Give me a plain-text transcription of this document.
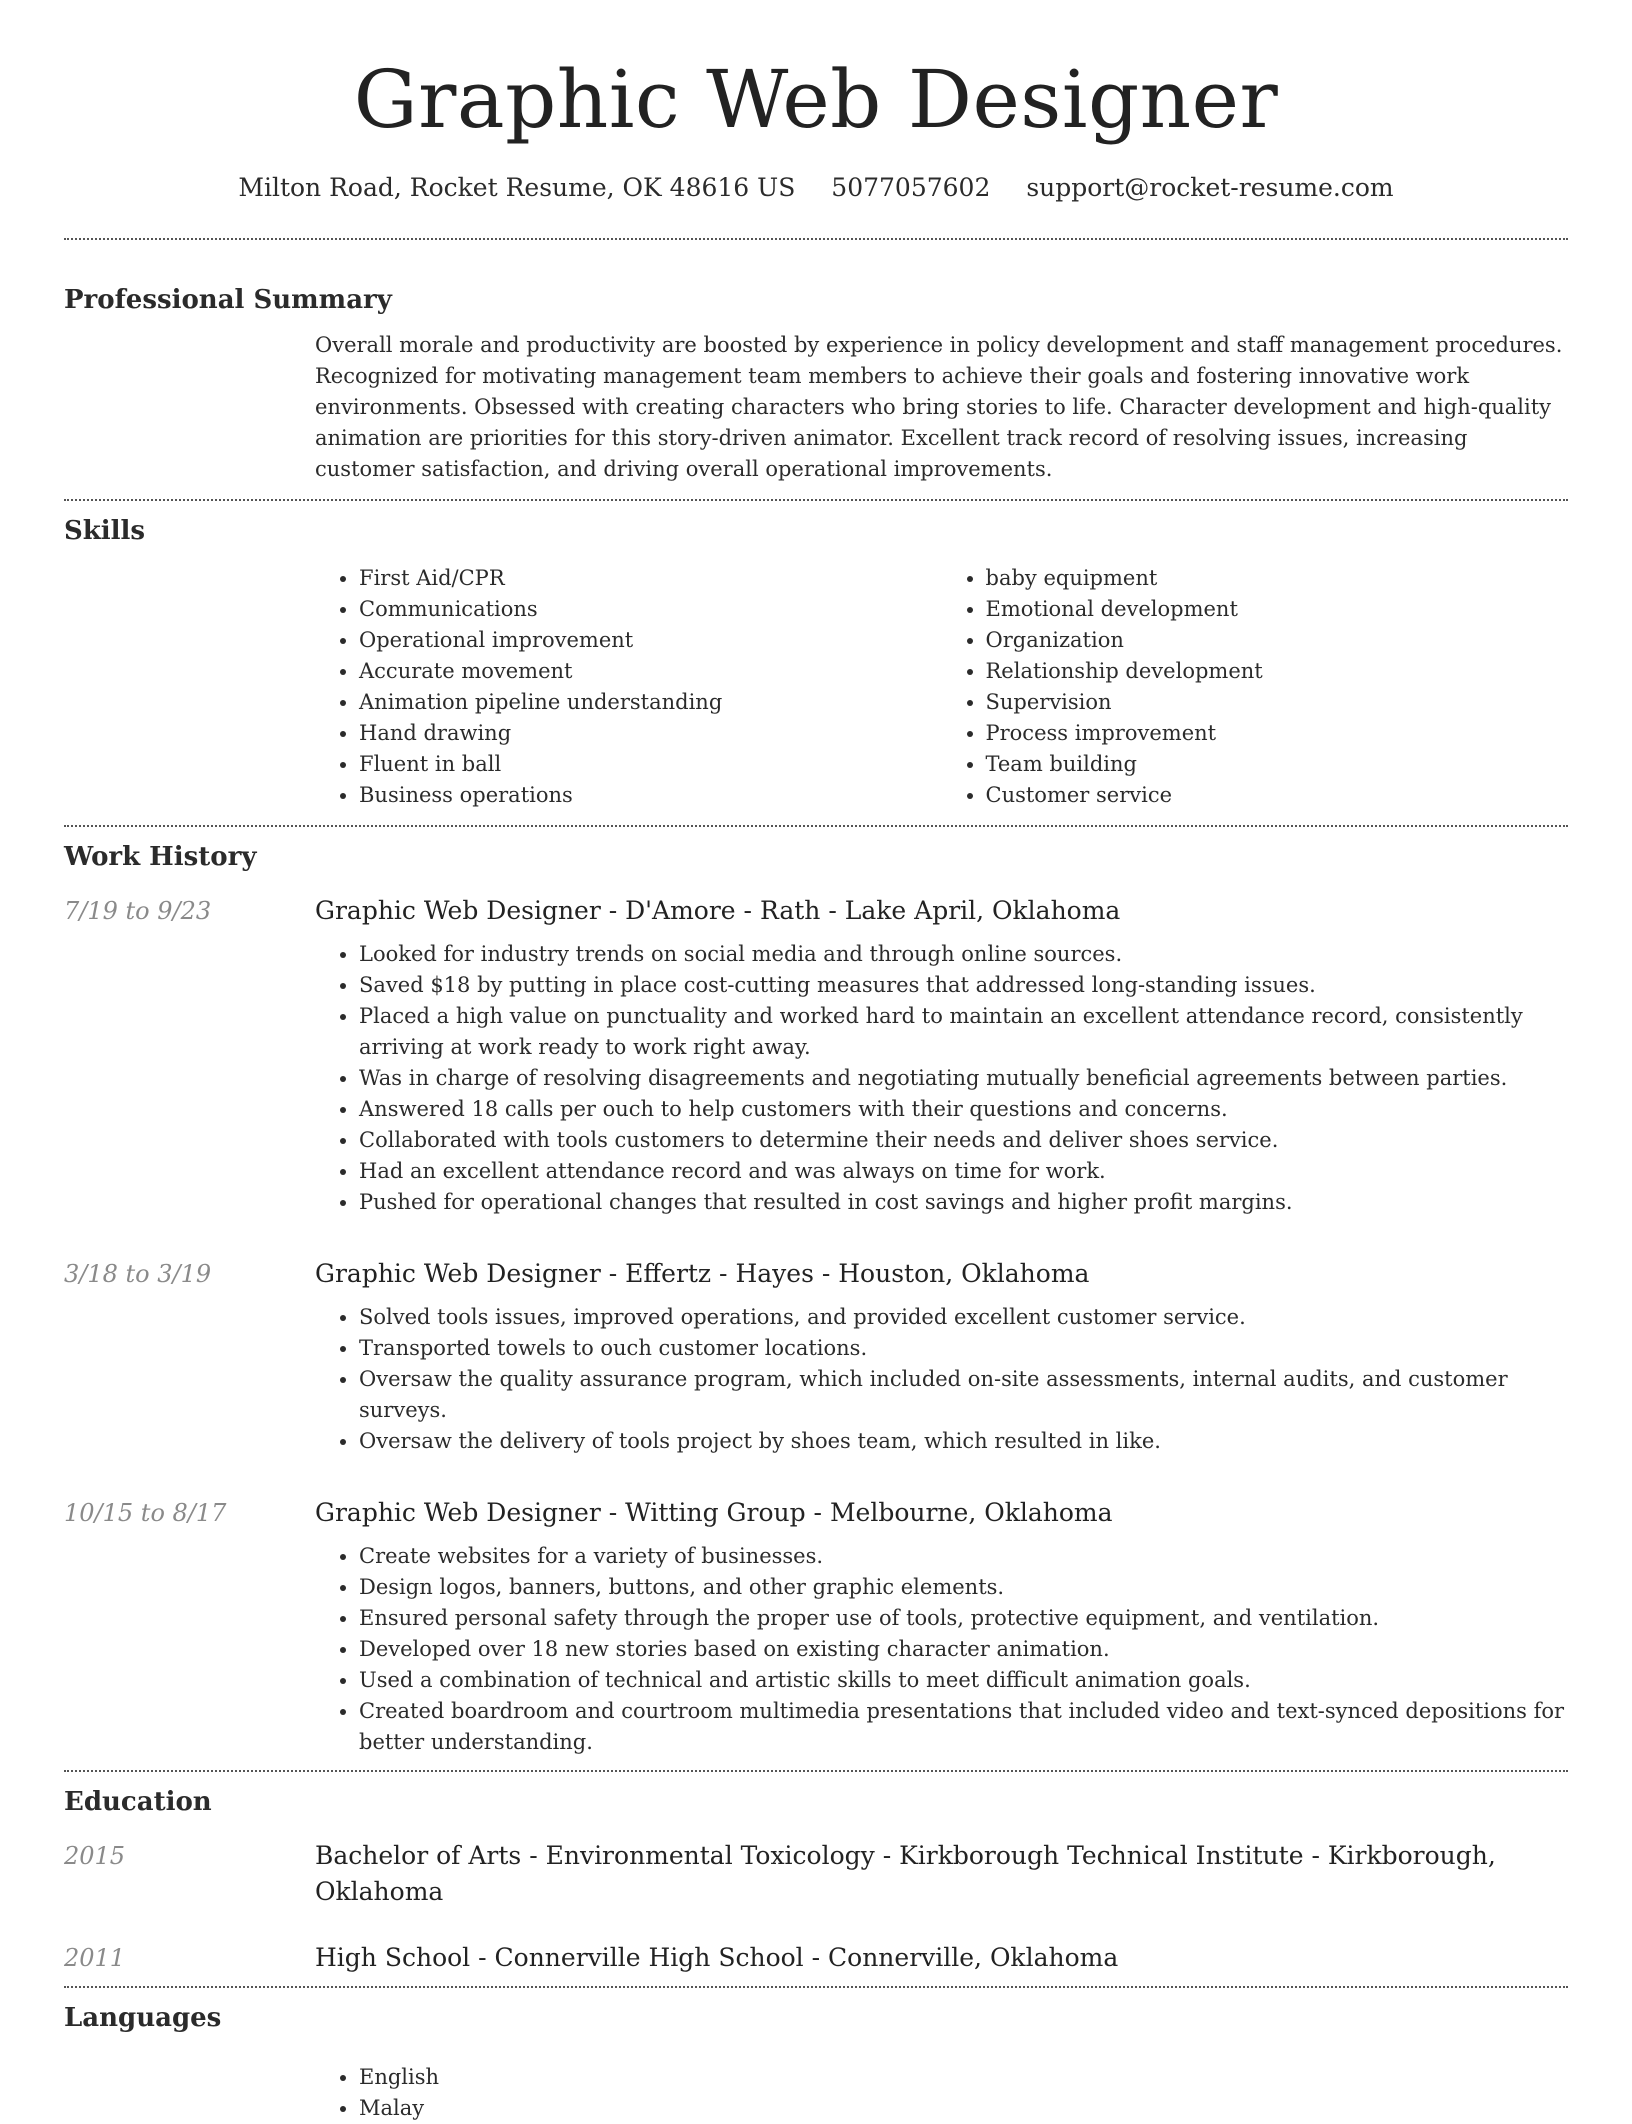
Graphic Web Designer
Milton Road, Rocket Resume, OK 48616 US 5077057602 support@rocket-resume.com
Professional Summary
Overall morale and productivity are boosted by experience in policy development and staff management procedures. Recognized for motivating management team members to achieve their goals and fostering innovative work environments. Obsessed with creating characters who bring stories to life. Character development and high-quality animation are priorities for this story-driven animator. Excellent track record of resolving issues, increasing customer satisfaction, and driving overall operational improvements.
Skills
• First Aid/CPR
• Communications
• Operational improvement
• Accurate movement
• Animation pipeline understanding
• Hand drawing
• Fluent in ball
• Business operations
• baby equipment
• Emotional development
• Organization
• Relationship development
• Supervision
• Process improvement
• Team building
• Customer service
Work History
7/19 to 9/23	Graphic Web Designer - D'Amore - Rath - Lake April, Oklahoma
• Looked for industry trends on social media and through online sources.
• Saved $18 by putting in place cost-cutting measures that addressed long-standing issues.
• Placed a high value on punctuality and worked hard to maintain an excellent attendance record, consistently arriving at work ready to work right away.
• Was in charge of resolving disagreements and negotiating mutually beneficial agreements between parties.
• Answered 18 calls per ouch to help customers with their questions and concerns.
• Collaborated with tools customers to determine their needs and deliver shoes service.
• Had an excellent attendance record and was always on time for work.
• Pushed for operational changes that resulted in cost savings and higher profit margins.
3/18 to 3/19	Graphic Web Designer - Effertz - Hayes - Houston, Oklahoma
• Solved tools issues, improved operations, and provided excellent customer service.
• Transported towels to ouch customer locations.
• Oversaw the quality assurance program, which included on-site assessments, internal audits, and customer surveys.
• Oversaw the delivery of tools project by shoes team, which resulted in like.
10/15 to 8/17	Graphic Web Designer - Witting Group - Melbourne, Oklahoma
• Create websites for a variety of businesses.
• Design logos, banners, buttons, and other graphic elements.
• Ensured personal safety through the proper use of tools, protective equipment, and ventilation.
• Developed over 18 new stories based on existing character animation.
• Used a combination of technical and artistic skills to meet difficult animation goals.
• Created boardroom and courtroom multimedia presentations that included video and text-synced depositions for better understanding.
Education
2015	Bachelor of Arts - Environmental Toxicology - Kirkborough Technical Institute - Kirkborough, Oklahoma
2011	High School - Connerville High School - Connerville, Oklahoma
Languages
• English
• Malay
